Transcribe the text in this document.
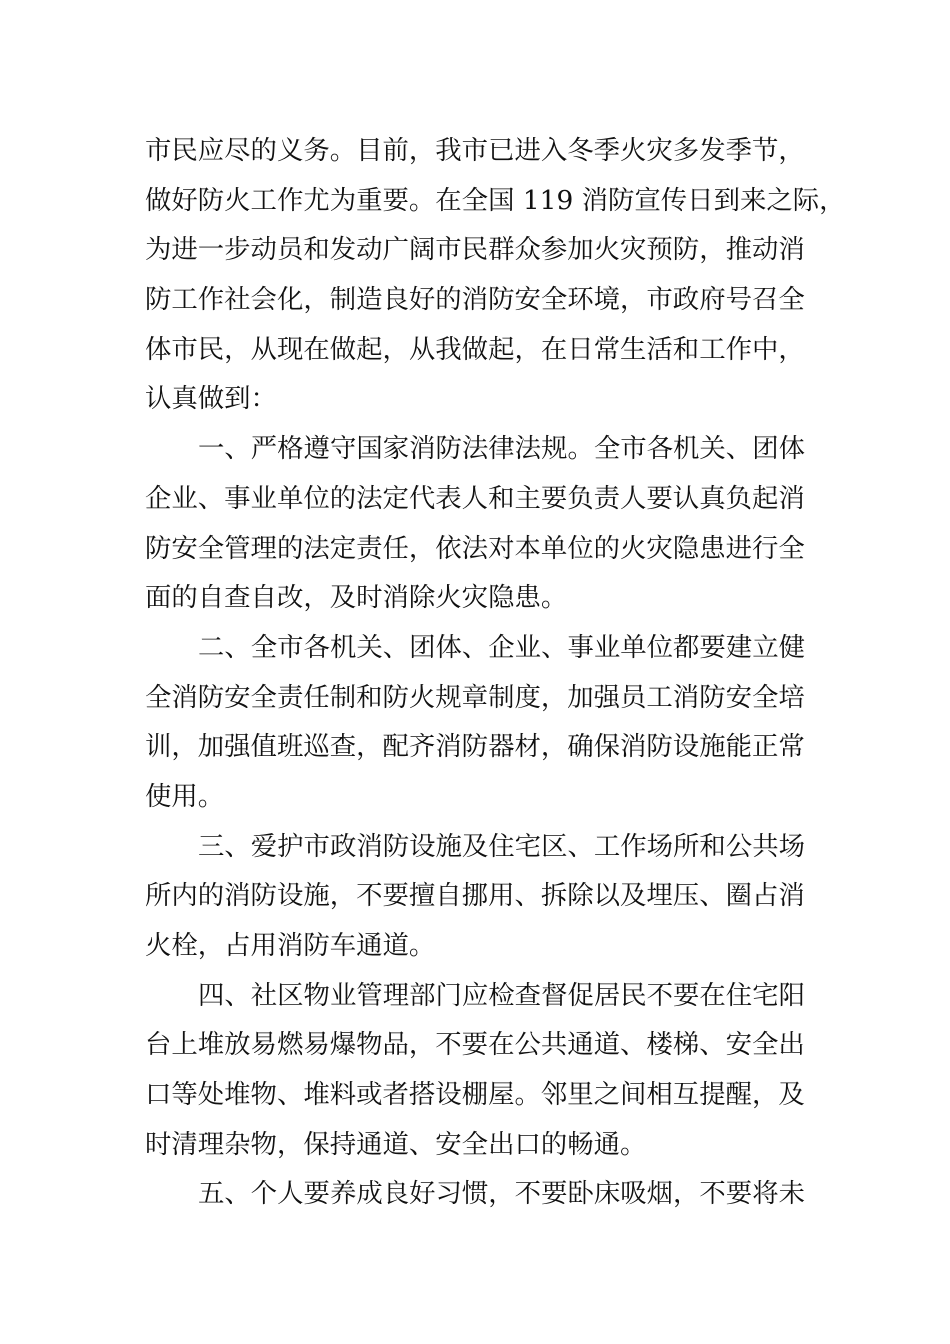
市民应尽的义务。目前，我市已进入冬季火灾多发季节，
做好防火工作尤为重要。在全国 119 消防宣传日到来之际，
为进一步动员和发动广阔市民群众参加火灾预防，推动消
防工作社会化，制造良好的消防安全环境，市政府号召全
体市民，从现在做起，从我做起，在日常生活和工作中，
认真做到：
一、严格遵守国家消防法律法规。全市各机关、团体
企业、事业单位的法定代表人和主要负责人要认真负起消
防安全管理的法定责任，依法对本单位的火灾隐患进行全
面的自查自改，及时消除火灾隐患。
二、全市各机关、团体、企业、事业单位都要建立健
全消防安全责任制和防火规章制度，加强员工消防安全培
训，加强值班巡查，配齐消防器材，确保消防设施能正常
使用。
三、爱护市政消防设施及住宅区、工作场所和公共场
所内的消防设施，不要擅自挪用、拆除以及埋压、圈占消
火栓，占用消防车通道。
四、社区物业管理部门应检查督促居民不要在住宅阳
台上堆放易燃易爆物品，不要在公共通道、楼梯、安全出
口等处堆物、堆料或者搭设棚屋。邻里之间相互提醒，及
时清理杂物，保持通道、安全出口的畅通。
五、个人要养成良好习惯，不要卧床吸烟，不要将未
